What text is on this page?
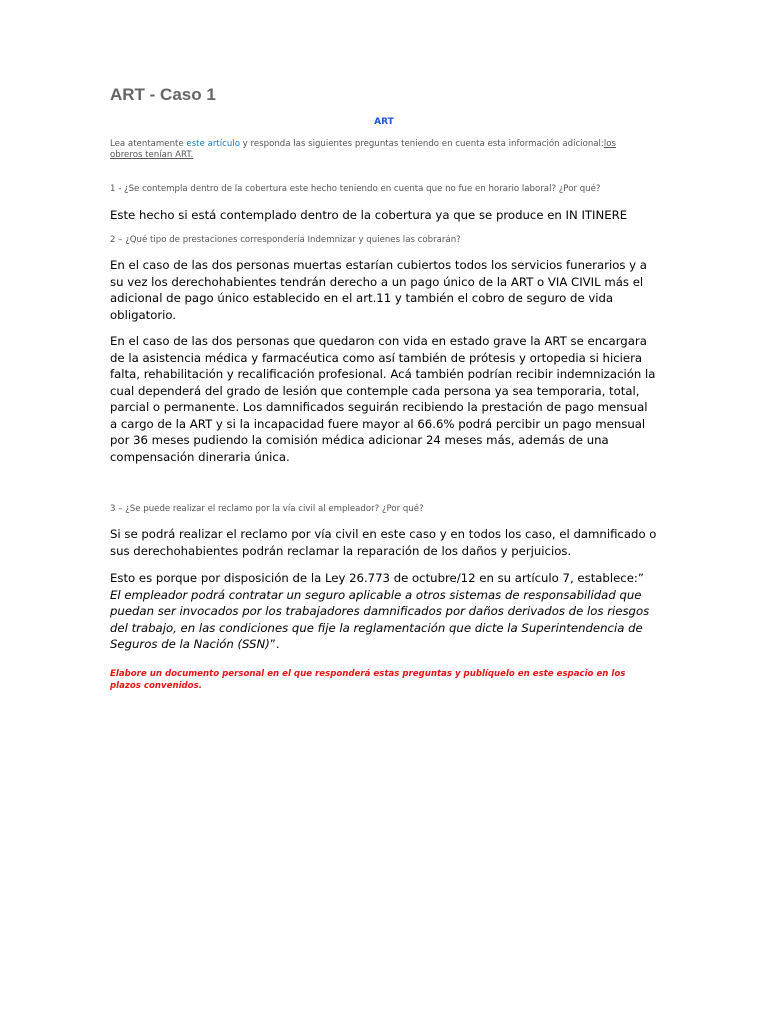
ART - Caso 1
ART
Lea atentamente este artículo y responda las siguientes preguntas teniendo en cuenta esta información adicional:los obreros tenían ART.
1 - ¿Se contempla dentro de la cobertura este hecho teniendo en cuenta que no fue en horario laboral? ¿Por qué?

Este hecho si está contemplado dentro de la cobertura ya que se produce en IN ITINERE

2 – ¿Qué tipo de prestaciones correspondería Indemnizar y quienes las cobrarán?

En el caso de las dos personas muertas estarían cubiertos todos los servicios funerarios y a su vez los derechohabientes tendrán derecho a un pago único de la ART o VIA CIVIL más el adicional de pago único establecido en el art.11 y también el cobro de seguro de vida obligatorio.

En el caso de las dos personas que quedaron con vida en estado grave la ART se encargara de la asistencia médica y farmacéutica como así también de prótesis y ortopedia si hiciera falta, rehabilitación y recalificación profesional. Acá también podrían recibir indemnización la cual dependerá del grado de lesión que contemple cada persona ya sea temporaria, total, parcial o permanente. Los damnificados seguirán recibiendo la prestación de pago mensual a cargo de la ART y si la incapacidad fuere mayor al 66.6% podrá percibir un pago mensual por 36 meses pudiendo la comisión médica adicionar 24 meses más, además de una compensación dineraria única.

3 – ¿Se puede realizar el reclamo por la vía civil al empleador? ¿Por qué?

Si se podrá realizar el reclamo por vía civil en este caso y en todos los caso, el damnificado o sus derechohabientes podrán reclamar la reparación de los daños y perjuicios.

Esto es porque por disposición de la Ley 26.773 de octubre/12 en su artículo 7, establece:” El empleador podrá contratar un seguro aplicable a otros sistemas de responsabilidad que puedan ser invocados por los trabajadores damnificados por daños derivados de los riesgos del trabajo, en las condiciones que fije la reglamentación que dicte la Superintendencia de Seguros de la Nación (SSN)”.

Elabore un documento personal en el que responderá estas preguntas y publíquelo en este espacio en los plazos convenidos.
